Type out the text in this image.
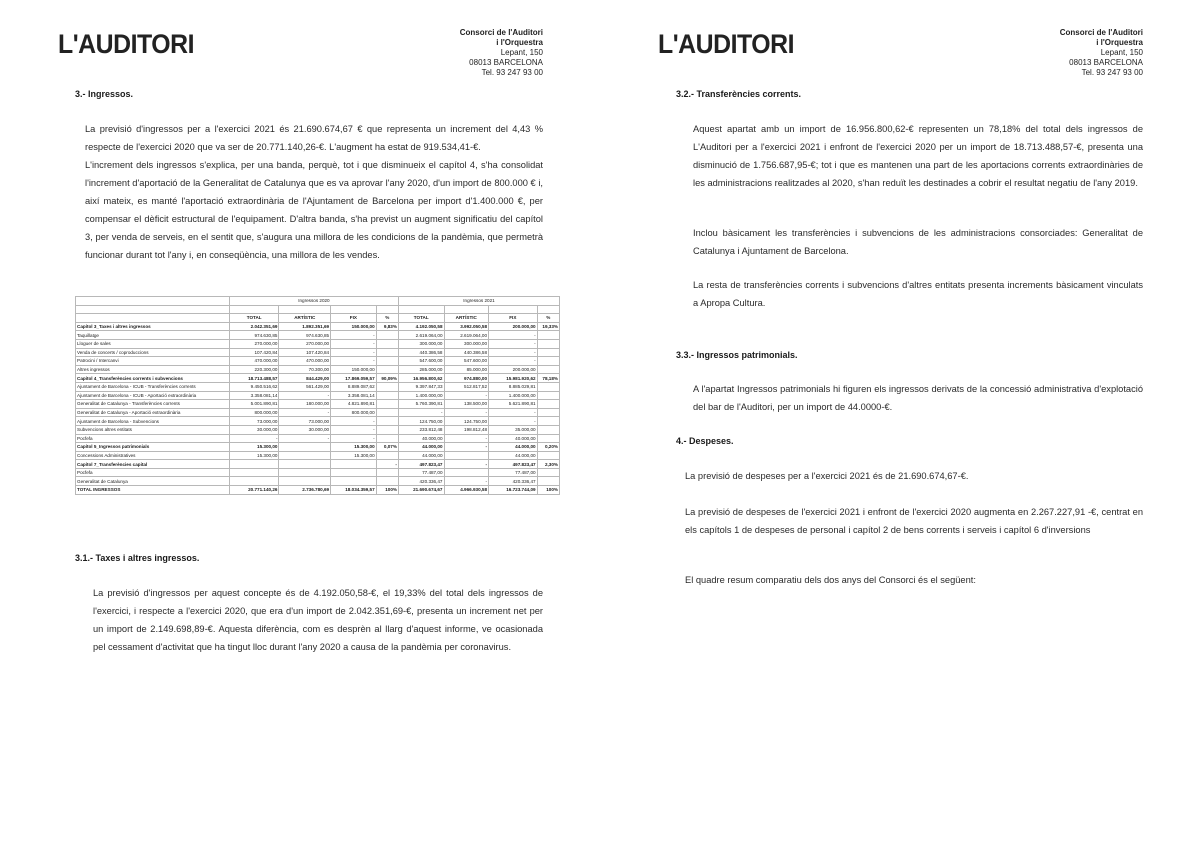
L'AUDITORI	Consorci de l'Auditori
i l'Orquestra
Lepant, 150
08013 BARCELONA
Tel. 93 247 93 00
3.- Ingressos.
La previsió d'ingressos per a l'exercici 2021 és 21.690.674,67 € que representa un increment del 4,43 % respecte de l'exercici 2020 que va ser de 20.771.140,26-€. L'augment ha estat de 919.534,41-€.
L'increment dels ingressos s'explica, per una banda, perquè, tot i que disminueix el capítol 4, s'ha consolidat l'increment d'aportació de la Generalitat de Catalunya que es va aprovar l'any 2020, d'un import de 800.000 € i, així mateix, es manté l'aportació extraordinària de l'Ajuntament de Barcelona per import d'1.400.000 €, per compensar el dèficit estructural de l'equipament. D'altra banda, s'ha previst un augment significatiu del capítol 3, per venda de serveis, en el sentit que, s'augura una millora de les condicions de la pandèmia, que permetrà funcionar durant tot l'any i, en conseqüència, una millora de les vendes.
3.1.- Taxes i altres ingressos.
La previsió d'ingressos per aquest concepte és de 4.192.050,58-€, el 19,33% del total dels ingressos de l'exercici, i respecte a l'exercici 2020, que era d'un import de 2.042.351,69-€, presenta un increment net per un import de 2.149.698,89-€. Aquesta diferència, com es desprèn al llarg d'aquest informe, ve ocasionada pel cessament d'activitat que ha tingut lloc durant l'any 2020 a causa de la pandèmia per coronavirus.
	Ingressos 2020				Ingressos 2021			

	TOTAL	ARTÍSTIC	FIX	%	TOTAL	ARTÍSTIC	FIX	%
Capítol 3_Taxes i altres ingressos	2.042.351,69	1.892.351,69	150.000,00	9,83%	4.192.050,58	3.992.050,58	200.000,00	19,33%
Taquillatge	974.630,85	974.630,85	-		2.619.064,00	2.619.064,00	-	
Lloguer de sales	270.000,00	270.000,00	-		300.000,00	300.000,00	-	
Venda de concerts / coproduccions	107.420,84	107.420,84	-		440.386,58	440.386,58	-	
Patrocini / Intercanvi	470.000,00	470.000,00	-		547.600,00	547.600,00	-	
Altres ingressos	220.300,00	70.300,00	150.000,00		285.000,00	85.000,00	200.000,00	
Capítol 4_Transferències corrents i subvencions	18.713.488,57	844.429,00	17.869.059,57	90,09%	16.956.800,62	974.880,00	15.981.920,62	78,18%
Ajuntament de Barcelona - ICUB - Transferències corrents	9.450.516,62	561.429,00	8.889.087,62		9.397.847,33	512.817,52	8.885.029,81	
Ajuntament de Barcelona - ICUB - Aportació extraordinària	3.358.081,14	-	3.358.081,14		1.400.000,00	-	1.400.000,00	
Generalitat de Catalunya - Transferències corrents	5.001.890,81	180.000,00	4.821.890,81		5.760.390,81	138.500,00	5.621.890,81	
Generalitat de Catalunya - Aportació extraordinària	800.000,00	-	800.000,00		-	-	-	
Ajuntament de Barcelona - Subvencions	73.000,00	73.000,00	-		124.750,00	124.750,00	-	
Subvencions altres entitats	30.000,00	30.000,00	-		233.812,48	198.812,48	35.000,00	
Pocfefa	-	-	-		40.000,00	-	40.000,00	
Capítol 5_Ingressos patrimonials	15.300,00		15.300,00	0,07%	44.000,00	-	44.000,00	0,20%
Concessions Administratives	15.300,00		15.300,00		44.000,00		44.000,00	
Capítol 7_Transferències capital				-	497.823,47	-	497.823,47	2,30%
Pocfefa					77.487,00		77.487,00	
Generalitat de Catalunya					420.336,47	-	420.336,47	
TOTAL INGRESSOS	20.771.140,26	2.736.780,69	18.034.359,57	100%	21.690.674,67	4.966.930,58	16.723.744,09	100%
L'AUDITORI	Consorci de l'Auditori
i l'Orquestra
Lepant, 150
08013 BARCELONA
Tel. 93 247 93 00
3.2.- Transferències corrents.
Aquest apartat amb un import de 16.956.800,62-€ representen un 78,18% del total dels ingressos de L'Auditori per a l'exercici 2021 i enfront de l'exercici 2020 per un import de 18.713.488,57-€, presenta una disminució de 1.756.687,95-€; tot i que es mantenen una part de les aportacions corrents extraordinàries de les administracions realitzades al 2020, s'han reduït les destinades a cobrir el resultat negatiu de l'any 2019.
Inclou bàsicament les transferències i subvencions de les administracions consorciades: Generalitat de Catalunya i Ajuntament de Barcelona.
La resta de transferències corrents i subvencions d'altres entitats presenta increments bàsicament vinculats a Apropa Cultura.
3.3.- Ingressos patrimonials.
A l'apartat Ingressos patrimonials hi figuren els ingressos derivats de la concessió administrativa d'explotació del bar de l'Auditori, per un import de 44.0000-€.
4.- Despeses.
La previsió de despeses per a l'exercici 2021 és de 21.690.674,67-€.
La previsió de despeses de l'exercici 2021 i enfront de l'exercici 2020 augmenta en 2.267.227,91 -€, centrat en els capítols 1 de despeses de personal i capítol 2 de bens corrents i serveis i capítol 6 d'inversions
El quadre resum comparatiu dels dos anys del Consorci és el següent:
